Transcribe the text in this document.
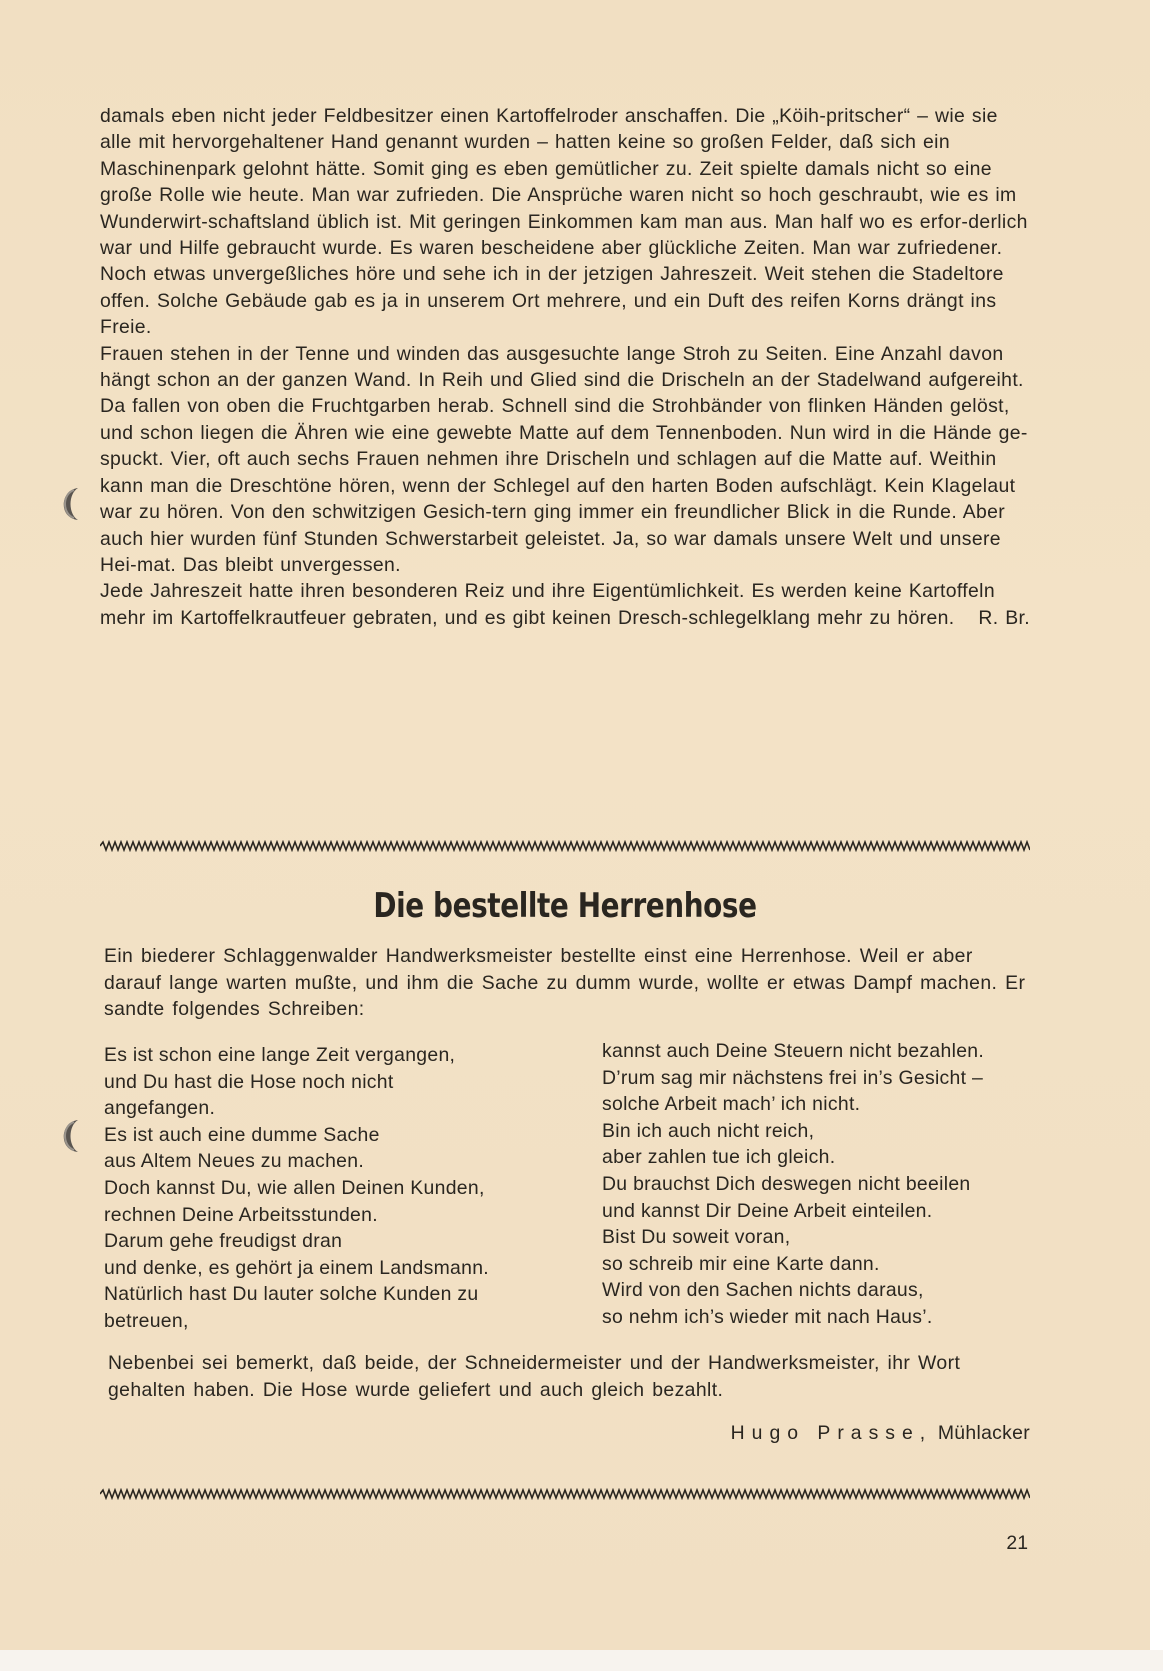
damals eben nicht jeder Feldbesitzer einen Kartoffelroder anschaffen. Die „Köih-pritscher“ – wie sie alle mit hervorgehaltener Hand genannt wurden – hatten keine so großen Felder, daß sich ein Maschinenpark gelohnt hätte. Somit ging es eben gemütlicher zu. Zeit spielte damals nicht so eine große Rolle wie heute. Man war zufrieden. Die Ansprüche waren nicht so hoch geschraubt, wie es im Wunderwirt-schaftsland üblich ist. Mit geringen Einkommen kam man aus. Man half wo es erfor-derlich war und Hilfe gebraucht wurde. Es waren bescheidene aber glückliche Zeiten. Man war zufriedener.

Noch etwas unvergeßliches höre und sehe ich in der jetzigen Jahreszeit. Weit stehen die Stadeltore offen. Solche Gebäude gab es ja in unserem Ort mehrere, und ein Duft des reifen Korns drängt ins Freie.

Frauen stehen in der Tenne und winden das ausgesuchte lange Stroh zu Seiten. Eine Anzahl davon hängt schon an der ganzen Wand. In Reih und Glied sind die Drischeln an der Stadelwand aufgereiht. Da fallen von oben die Fruchtgarben herab. Schnell sind die Strohbänder von flinken Händen gelöst, und schon liegen die Ähren wie eine gewebte Matte auf dem Tennenboden. Nun wird in die Hände ge-spuckt. Vier, oft auch sechs Frauen nehmen ihre Drischeln und schlagen auf die Matte auf. Weithin kann man die Dreschtöne hören, wenn der Schlegel auf den harten Boden aufschlägt. Kein Klagelaut war zu hören. Von den schwitzigen Gesich-tern ging immer ein freundlicher Blick in die Runde. Aber auch hier wurden fünf Stunden Schwerstarbeit geleistet. Ja, so war damals unsere Welt und unsere Hei-mat. Das bleibt unvergessen.

Jede Jahreszeit hatte ihren besonderen Reiz und ihre Eigentümlichkeit. Es werden keine Kartoffeln mehr im Kartoffelkrautfeuer gebraten, und es gibt keinen Dresch-schlegelklang mehr zu hören.	R. Br.

Die bestellte Herrenhose

Ein biederer Schlaggenwalder Handwerksmeister bestellte einst eine Herrenhose. Weil er aber darauf lange warten mußte, und ihm die Sache zu dumm wurde, wollte er etwas Dampf machen. Er sandte folgendes Schreiben:

Es ist schon eine lange Zeit vergangen,
und Du hast die Hose noch nicht
angefangen.
Es ist auch eine dumme Sache
aus Altem Neues zu machen.
Doch kannst Du, wie allen Deinen Kunden,
rechnen Deine Arbeitsstunden.
Darum gehe freudigst dran
und denke, es gehört ja einem Landsmann.
Natürlich hast Du lauter solche Kunden zu
betreuen,
kannst auch Deine Steuern nicht bezahlen.
D’rum sag mir nächstens frei in’s Gesicht –
solche Arbeit mach’ ich nicht.
Bin ich auch nicht reich,
aber zahlen tue ich gleich.
Du brauchst Dich deswegen nicht beeilen
und kannst Dir Deine Arbeit einteilen.
Bist Du soweit voran,
so schreib mir eine Karte dann.
Wird von den Sachen nichts daraus,
so nehm ich’s wieder mit nach Haus’.

Nebenbei sei bemerkt, daß beide, der Schneidermeister und der Handwerksmeister, ihr Wort gehalten haben. Die Hose wurde geliefert und auch gleich bezahlt.

Hugo Prasse, Mühlacker
21
